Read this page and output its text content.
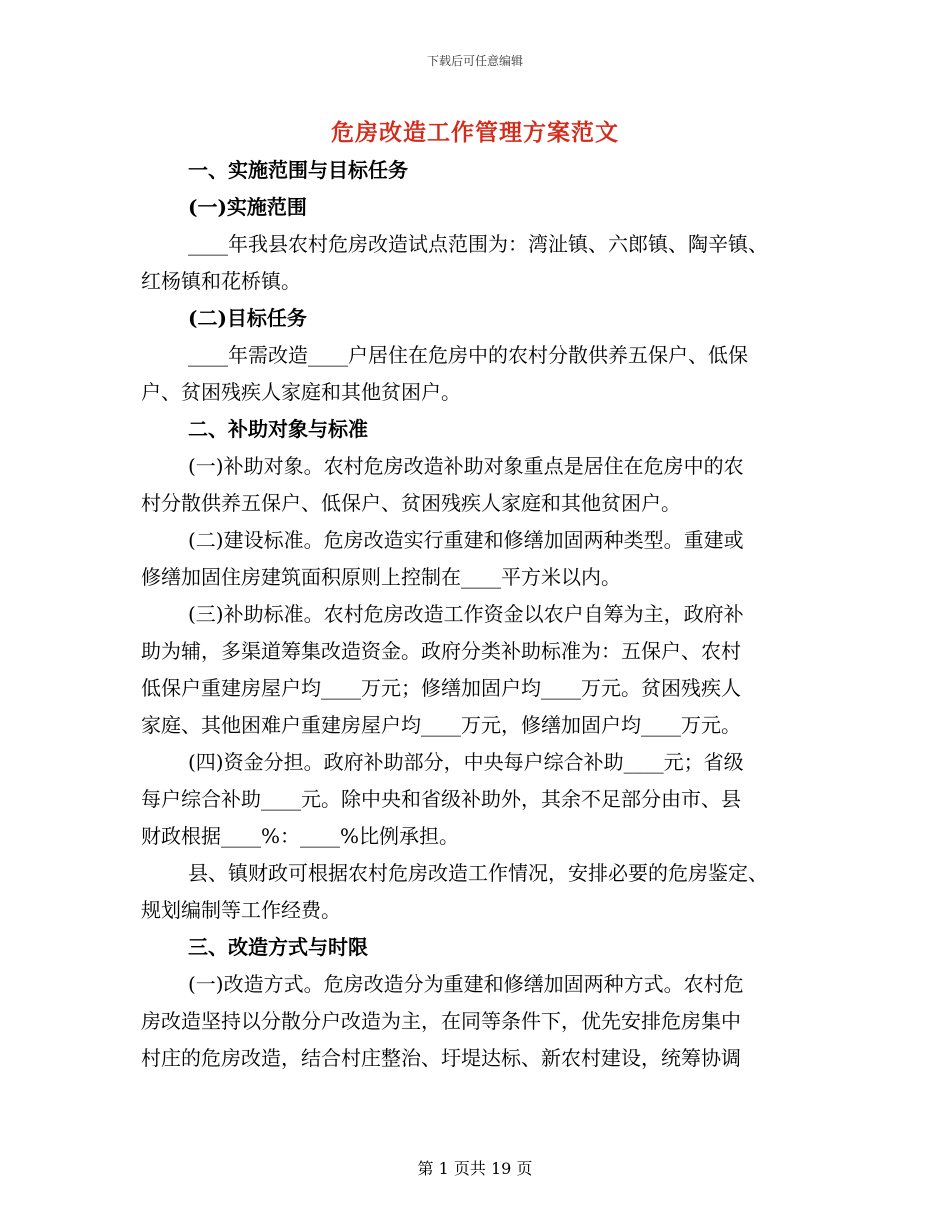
下载后可任意编辑
危房改造工作管理方案范文
一、实施范围与目标任务
(一)实施范围
____年我县农村危房改造试点范围为：湾沚镇、六郎镇、陶辛镇、
红杨镇和花桥镇。
(二)目标任务
____年需改造____户居住在危房中的农村分散供养五保户、低保
户、贫困残疾人家庭和其他贫困户。
二、补助对象与标准
(一)补助对象。农村危房改造补助对象重点是居住在危房中的农
村分散供养五保户、低保户、贫困残疾人家庭和其他贫困户。
(二)建设标准。危房改造实行重建和修缮加固两种类型。重建或
修缮加固住房建筑面积原则上控制在____平方米以内。
(三)补助标准。农村危房改造工作资金以农户自筹为主，政府补
助为辅，多渠道筹集改造资金。政府分类补助标准为：五保户、农村
低保户重建房屋户均____万元；修缮加固户均____万元。贫困残疾人
家庭、其他困难户重建房屋户均____万元，修缮加固户均____万元。
(四)资金分担。政府补助部分，中央每户综合补助____元；省级
每户综合补助____元。除中央和省级补助外，其余不足部分由市、县
财政根据____%：____%比例承担。
县、镇财政可根据农村危房改造工作情况，安排必要的危房鉴定、
规划编制等工作经费。
三、改造方式与时限
(一)改造方式。危房改造分为重建和修缮加固两种方式。农村危
房改造坚持以分散分户改造为主，在同等条件下，优先安排危房集中
村庄的危房改造，结合村庄整治、圩堤达标、新农村建设，统筹协调
第 1 页共 19 页
